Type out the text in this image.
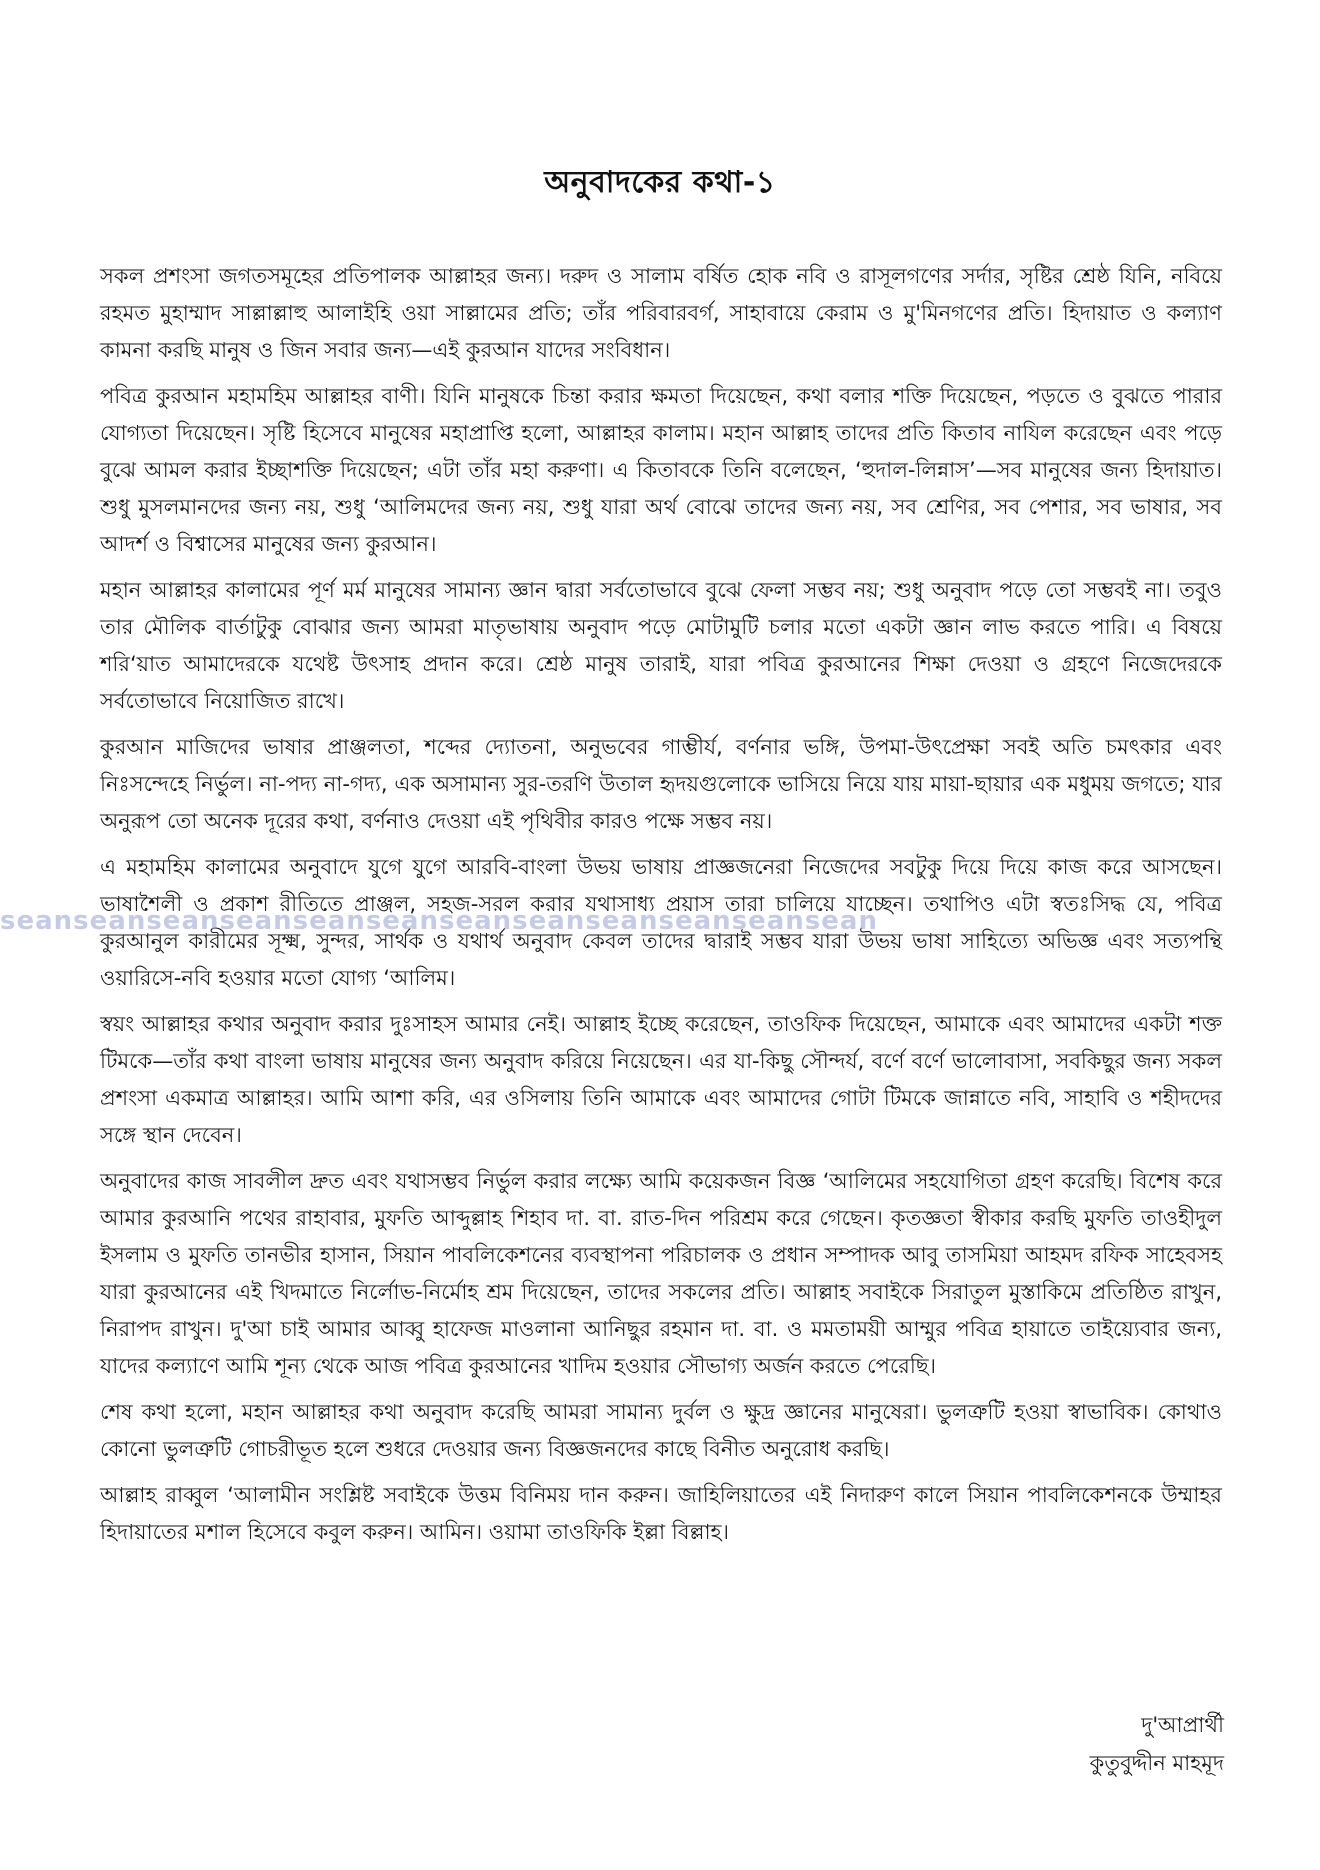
অনুবাদকের কথা-১

সকল প্রশংসা জগতসমূহের প্রতিপালক আল্লাহর জন্য। দরুদ ও সালাম বর্ষিত হোক নবি ও রাসূলগণের সর্দার, সৃষ্টির শ্রেষ্ঠ যিনি, নবিয়ে রহমত মুহাম্মাদ সাল্লাল্লাহু আলাইহি ওয়া সাল্লামের প্রতি; তাঁর পরিবারবর্গ, সাহাবায়ে কেরাম ও মু'মিনগণের প্রতি। হিদায়াত ও কল্যাণ কামনা করছি মানুষ ও জিন সবার জন্য—এই কুরআন যাদের সংবিধান।

পবিত্র কুরআন মহামহিম আল্লাহর বাণী। যিনি মানুষকে চিন্তা করার ক্ষমতা দিয়েছেন, কথা বলার শক্তি দিয়েছেন, পড়তে ও বুঝতে পারার যোগ্যতা দিয়েছেন। সৃষ্টি হিসেবে মানুষের মহাপ্রাপ্তি হলো, আল্লাহর কালাম। মহান আল্লাহ তাদের প্রতি কিতাব নাযিল করেছেন এবং পড়ে বুঝে আমল করার ইচ্ছাশক্তি দিয়েছেন; এটা তাঁর মহা করুণা। এ কিতাবকে তিনি বলেছেন, ‘হুদাল-লিন্নাস’—সব মানুষের জন্য হিদায়াত। শুধু মুসলমানদের জন্য নয়, শুধু ‘আলিমদের জন্য নয়, শুধু যারা অর্থ বোঝে তাদের জন্য নয়, সব শ্রেণির, সব পেশার, সব ভাষার, সব আদর্শ ও বিশ্বাসের মানুষের জন্য কুরআন।

মহান আল্লাহর কালামের পূর্ণ মর্ম মানুষের সামান্য জ্ঞান দ্বারা সর্বতোভাবে বুঝে ফেলা সম্ভব নয়; শুধু অনুবাদ পড়ে তো সম্ভবই না। তবুও তার মৌলিক বার্তাটুকু বোঝার জন্য আমরা মাতৃভাষায় অনুবাদ পড়ে মোটামুটি চলার মতো একটা জ্ঞান লাভ করতে পারি। এ বিষয়ে শরি‘য়াত আমাদেরকে যথেষ্ট উৎসাহ প্রদান করে। শ্রেষ্ঠ মানুষ তারাই, যারা পবিত্র কুরআনের শিক্ষা দেওয়া ও গ্রহণে নিজেদেরকে সর্বতোভাবে নিয়োজিত রাখে।

কুরআন মাজিদের ভাষার প্রাঞ্জলতা, শব্দের দ্যোতনা, অনুভবের গাম্ভীর্য, বর্ণনার ভঙ্গি, উপমা-উৎপ্রেক্ষা সবই অতি চমৎকার এবং নিঃসন্দেহে নির্ভুল। না-পদ্য না-গদ্য, এক অসামান্য সুর-তরণি উতাল হৃদয়গুলোকে ভাসিয়ে নিয়ে যায় মায়া-ছায়ার এক মধুময় জগতে; যার অনুরূপ তো অনেক দূরের কথা, বর্ণনাও দেওয়া এই পৃথিবীর কারও পক্ষে সম্ভব নয়।

এ মহামহিম কালামের অনুবাদে যুগে যুগে আরবি-বাংলা উভয় ভাষায় প্রাজ্ঞজনেরা নিজেদের সবটুকু দিয়ে দিয়ে কাজ করে আসছেন। ভাষাশৈলী ও প্রকাশ রীতিতে প্রাঞ্জল, সহজ-সরল করার যথাসাধ্য প্রয়াস তারা চালিয়ে যাচ্ছেন। তথাপিও এটা স্বতঃসিদ্ধ যে, পবিত্র কুরআনুল কারীমের সূক্ষ্ম, সুন্দর, সার্থক ও যথার্থ অনুবাদ কেবল তাদের দ্বারাই সম্ভব যারা উভয় ভাষা সাহিত্যে অভিজ্ঞ এবং সত্যপন্থি ওয়ারিসে-নবি হওয়ার মতো যোগ্য ‘আলিম।

স্বয়ং আল্লাহর কথার অনুবাদ করার দুঃসাহস আমার নেই। আল্লাহ ইচ্ছে করেছেন, তাওফিক দিয়েছেন, আমাকে এবং আমাদের একটা শক্ত টিমকে—তাঁর কথা বাংলা ভাষায় মানুষের জন্য অনুবাদ করিয়ে নিয়েছেন। এর যা-কিছু সৌন্দর্য, বর্ণে বর্ণে ভালোবাসা, সবকিছুর জন্য সকল প্রশংসা একমাত্র আল্লাহর। আমি আশা করি, এর ওসিলায় তিনি আমাকে এবং আমাদের গোটা টিমকে জান্নাতে নবি, সাহাবি ও শহীদদের সঙ্গে স্থান দেবেন।

অনুবাদের কাজ সাবলীল দ্রুত এবং যথাসম্ভব নির্ভুল করার লক্ষ্যে আমি কয়েকজন বিজ্ঞ ‘আলিমের সহযোগিতা গ্রহণ করেছি। বিশেষ করে আমার কুরআনি পথের রাহাবার, মুফতি আব্দুল্লাহ শিহাব দা. বা. রাত-দিন পরিশ্রম করে গেছেন। কৃতজ্ঞতা স্বীকার করছি মুফতি তাওহীদুল ইসলাম ও মুফতি তানভীর হাসান, সিয়ান পাবলিকেশনের ব্যবস্থাপনা পরিচালক ও প্রধান সম্পাদক আবু তাসমিয়া আহমদ রফিক সাহেবসহ যারা কুরআনের এই খিদমাতে নির্লোভ-নির্মোহ শ্রম দিয়েছেন, তাদের সকলের প্রতি। আল্লাহ সবাইকে সিরাতুল মুস্তাকিমে প্রতিষ্ঠিত রাখুন, নিরাপদ রাখুন। দু'আ চাই আমার আব্বু হাফেজ মাওলানা আনিছুর রহমান দা. বা. ও মমতাময়ী আম্মুর পবিত্র হায়াতে তাইয়্যেবার জন্য, যাদের কল্যাণে আমি শূন্য থেকে আজ পবিত্র কুরআনের খাদিম হওয়ার সৌভাগ্য অর্জন করতে পেরেছি।

শেষ কথা হলো, মহান আল্লাহর কথা অনুবাদ করেছি আমরা সামান্য দুর্বল ও ক্ষুদ্র জ্ঞানের মানুষেরা। ভুলত্রুটি হওয়া স্বাভাবিক। কোথাও কোনো ভুলত্রুটি গোচরীভূত হলে শুধরে দেওয়ার জন্য বিজ্ঞজনদের কাছে বিনীত অনুরোধ করছি।

আল্লাহ রাব্বুল ‘আলামীন সংশ্লিষ্ট সবাইকে উত্তম বিনিময় দান করুন। জাহিলিয়াতের এই নিদারুণ কালে সিয়ান পাবলিকেশনকে উম্মাহর হিদায়াতের মশাল হিসেবে কবুল করুন। আমিন। ওয়ামা তাওফিকি ইল্লা বিল্লাহ।

seanseanseanseanseanseanseanseanseanseanseansean
দু'আপ্রার্থী
কুতুবুদ্দীন মাহমূদ
